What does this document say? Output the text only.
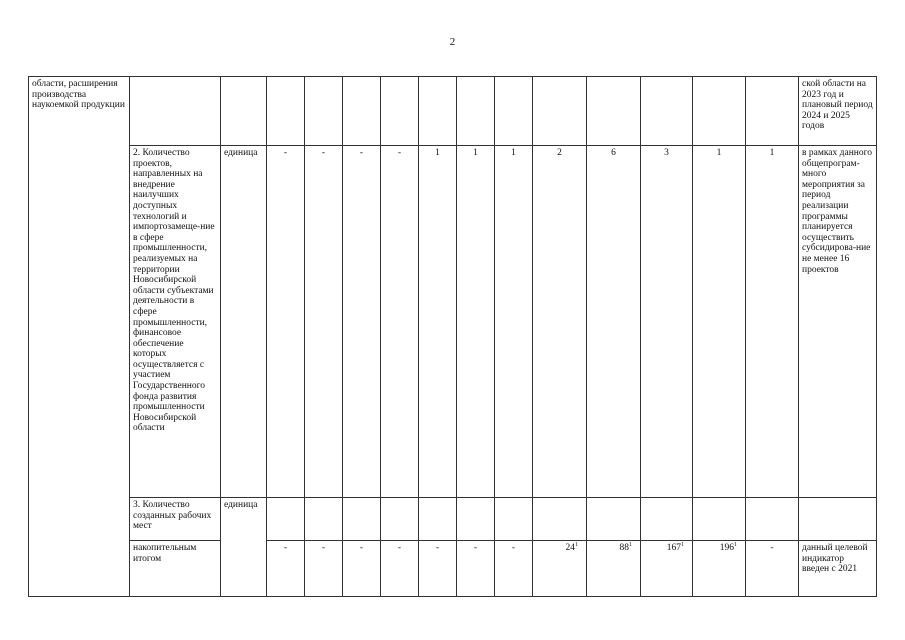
2
области, расширения производства наукоемкой продукции															ской области на 2023 год и плановый период 2024 и 2025 годов
	2. Количество проектов, направленных на внедрение наилучших доступных технологий и импортозамеще-ние в сфере промышленности, реализуемых на территории Новосибирской области субъектами деятельности в сфере промышленности, финансовое обеспечение которых осуществляется с участием Государственного фонда развития промышленности Новосибирской области	единица	-	-	-	-	1	1	1	2	6	3	1	1	в рамках данного общепрограм-много мероприятия за период реализации программы планируется осуществить субсидирова-ние не менее 16 проектов
	3. Количество созданных рабочих мест	единица													
	накопительным итогом		-	-	-	-	-	-	-	$24^1$	$88^1$	$167^1$	$196^1$	-	данный целевой индикатор введен с 2021
